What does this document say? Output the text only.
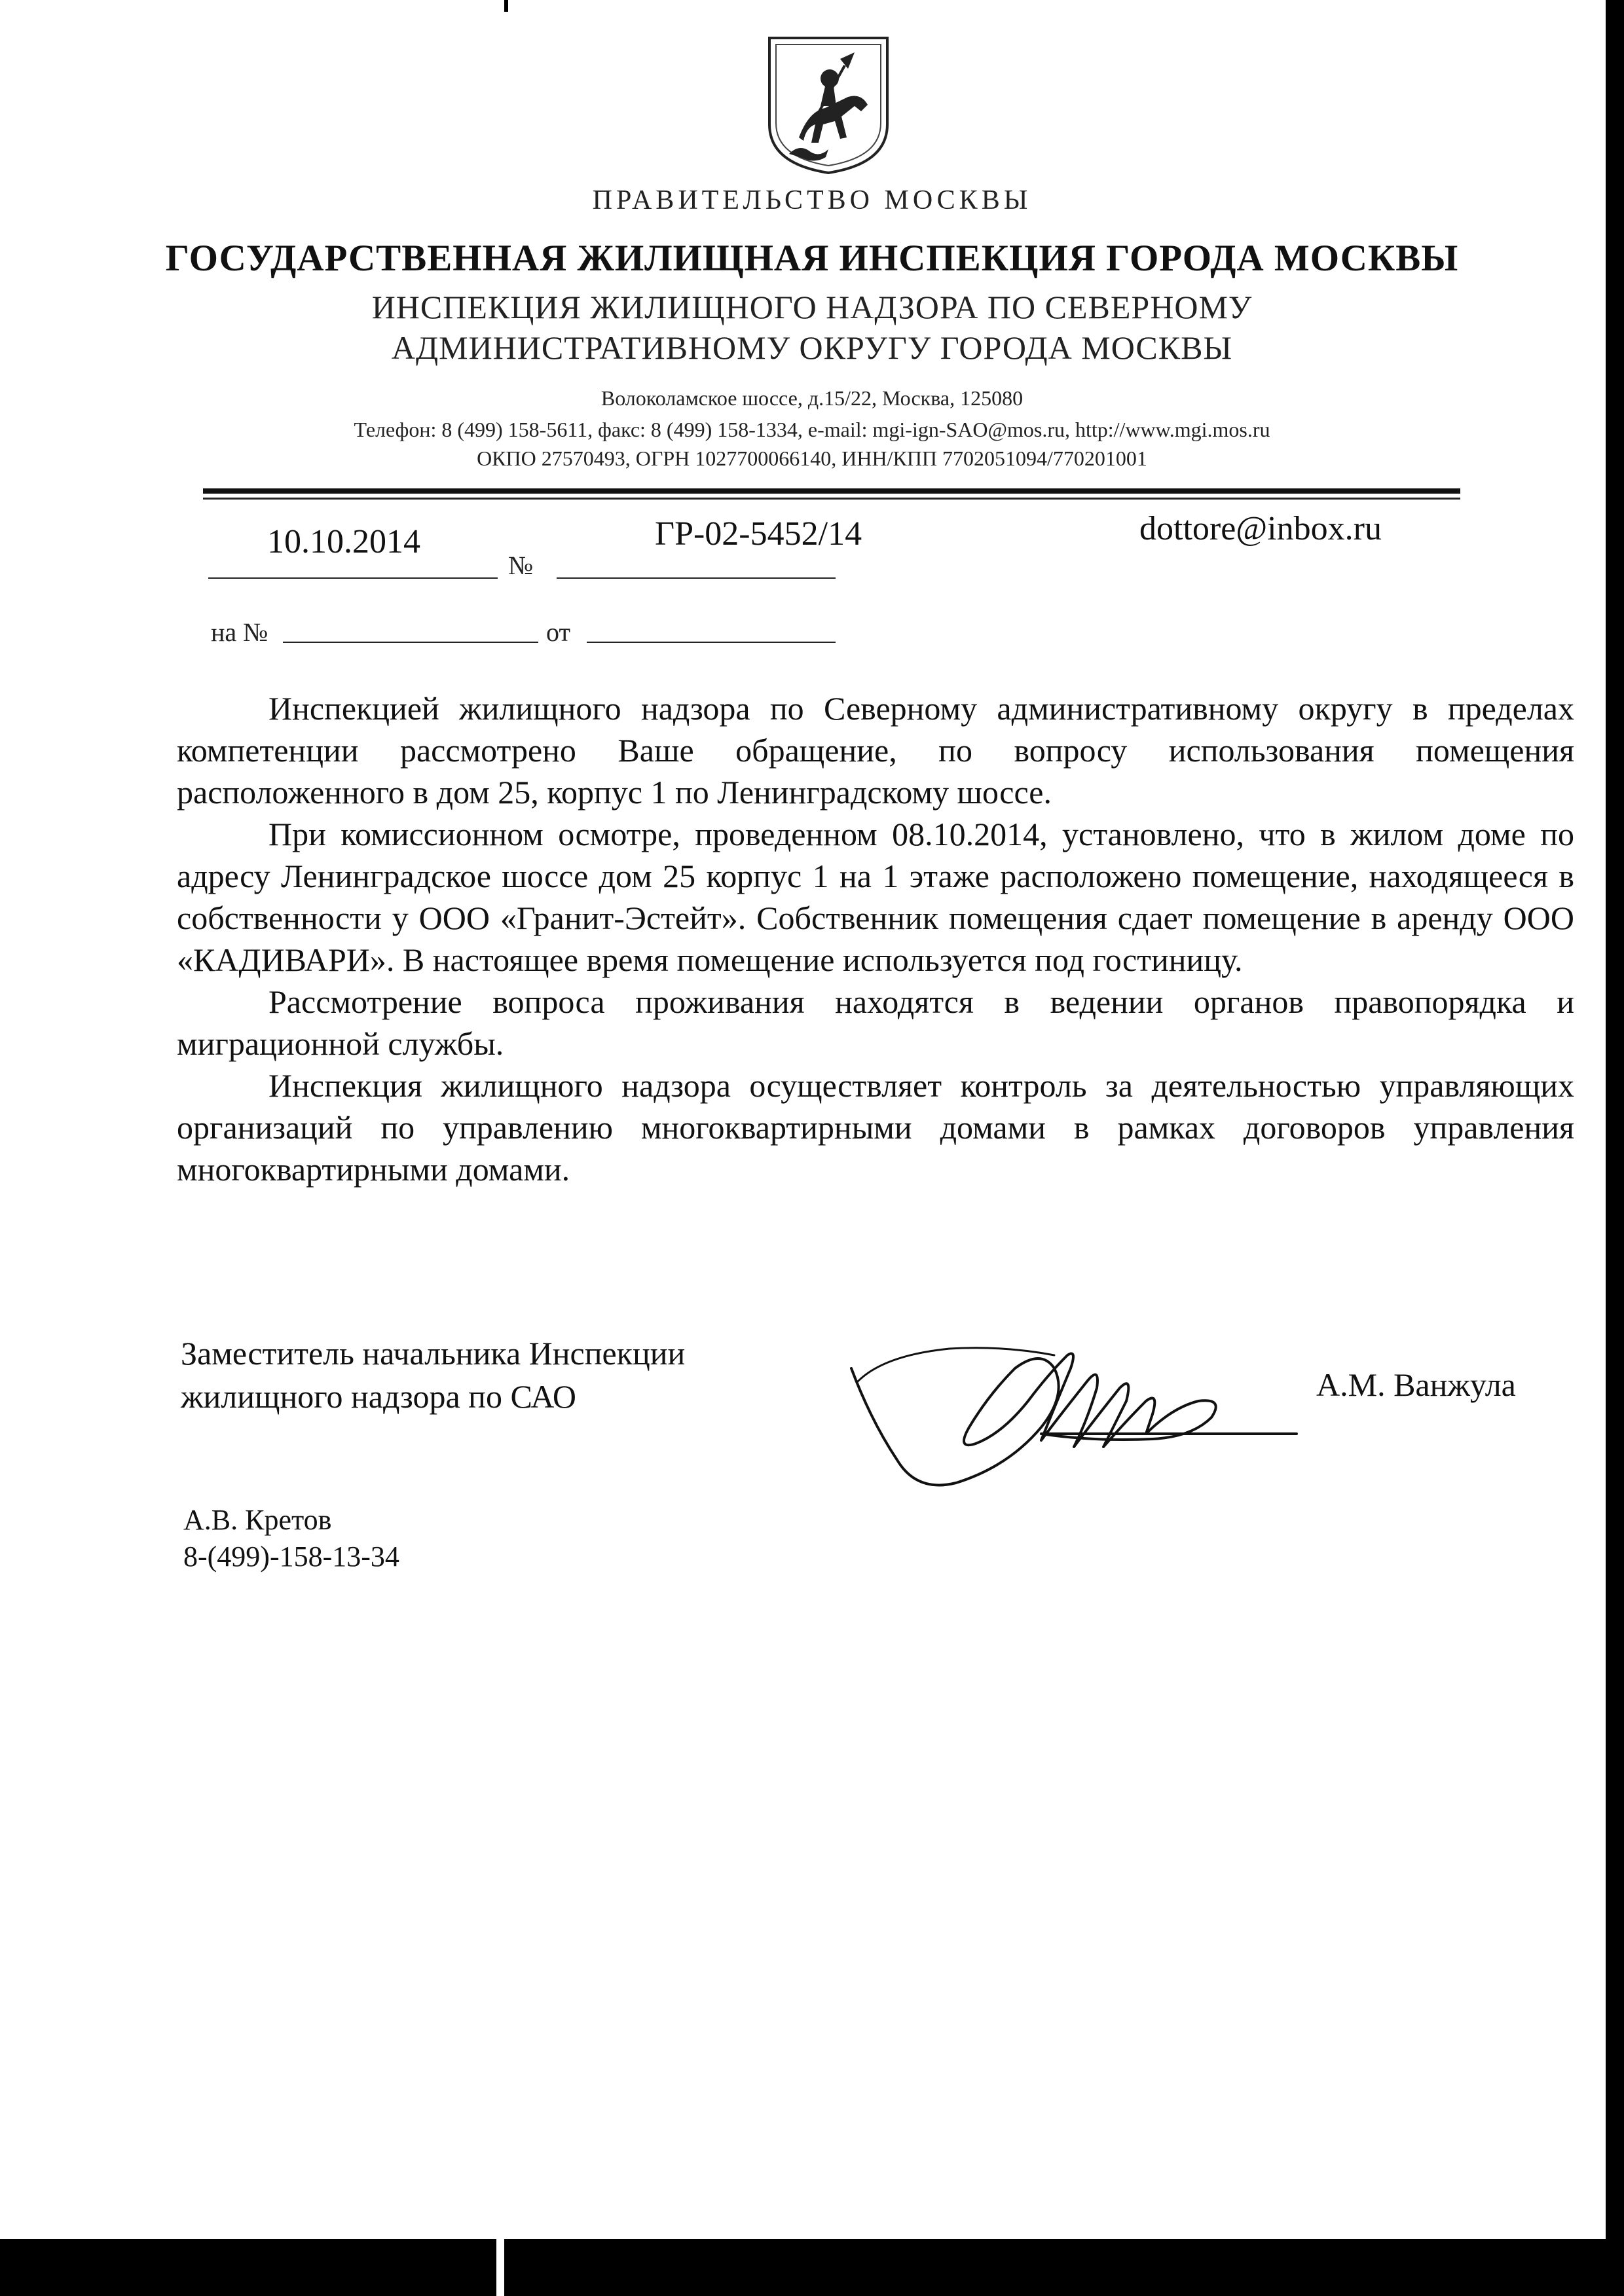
ПРАВИТЕЛЬСТВО МОСКВЫ
ГОСУДАРСТВЕННАЯ ЖИЛИЩНАЯ ИНСПЕКЦИЯ ГОРОДА МОСКВЫ
ИНСПЕКЦИЯ ЖИЛИЩНОГО НАДЗОРА ПО СЕВЕРНОМУ
АДМИНИСТРАТИВНОМУ ОКРУГУ ГОРОДА МОСКВЫ
Волоколамское шоссе, д.15/22, Москва, 125080
Телефон: 8 (499) 158-5611, факс: 8 (499) 158-1334, e-mail: mgi-ign-SAO@mos.ru, http://www.mgi.mos.ru
ОКПО 27570493, ОГРН 1027700066140, ИНН/КПП 7702051094/770201001
10.10.2014
№
ГР-02-5452/14	dottore@inbox.ru
на №	от

Инспекцией жилищного надзора по Северному административному округу в пределах компетенции рассмотрено Ваше обращение, по вопросу использования помещения расположенного в дом 25, корпус 1 по Ленинградскому шоссе.

При комиссионном осмотре, проведенном 08.10.2014, установлено, что в жилом доме по адресу Ленинградское шоссе дом 25 корпус 1 на 1 этаже расположено помещение, находящееся в собственности у ООО «Гранит-Эстейт». Собственник помещения сдает помещение в аренду ООО «КАДИВАРИ». В настоящее время помещение используется под гостиницу.

Рассмотрение вопроса проживания находятся в ведении органов правопорядка и миграционной службы.

Инспекция жилищного надзора осуществляет контроль за деятельностью управляющих организаций по управлению многоквартирными домами в рамках договоров управления многоквартирными домами.

Заместитель начальника Инспекции
жилищного надзора по САО	А.М. Ванжула
А.В. Кретов
8-(499)-158-13-34
